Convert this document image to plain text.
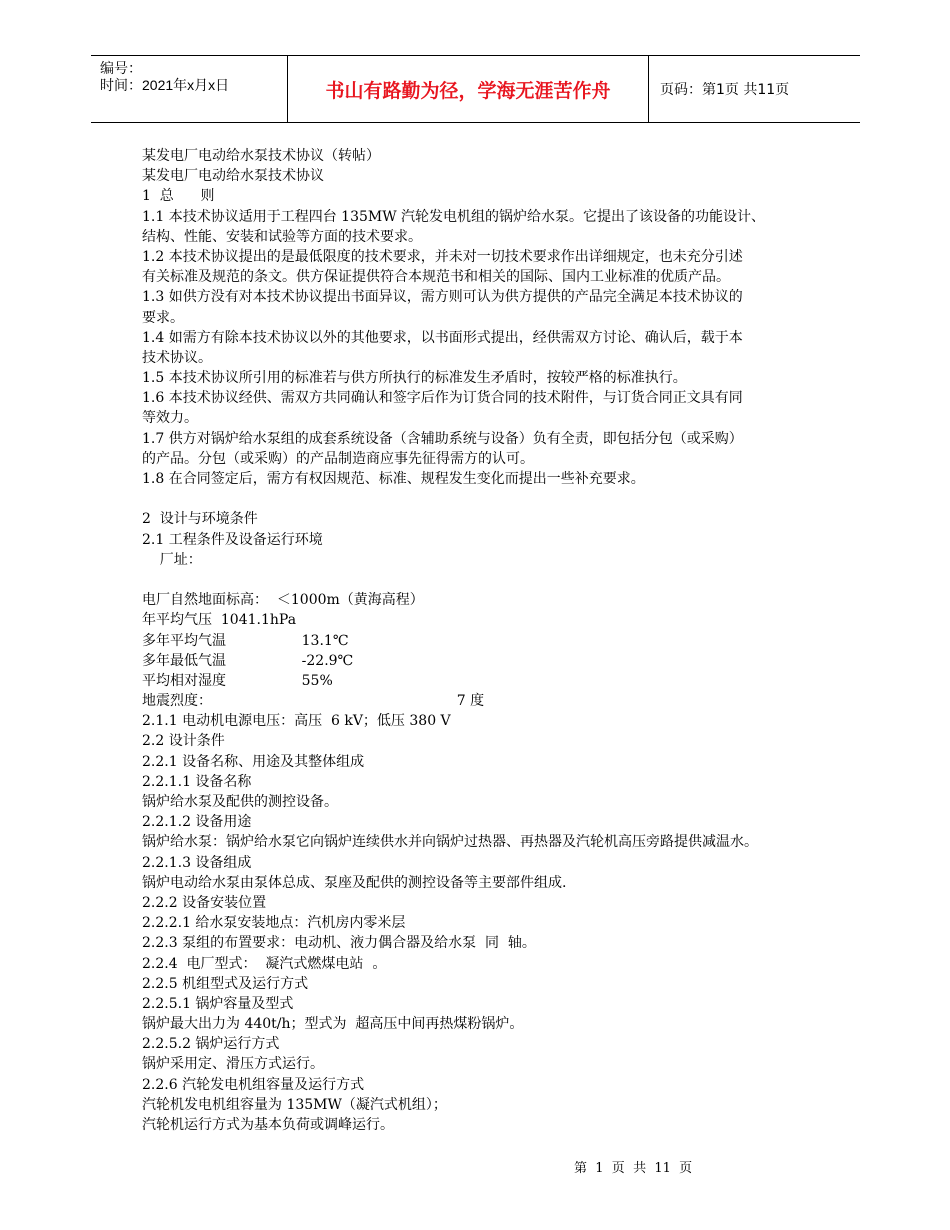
编号：
时间：2021年x月x日	书山有路勤为径，学海无涯苦作舟	页码：第1页 共11页
某发电厂电动给水泵技术协议（转帖）
某发电厂电动给水泵技术协议
1  总      则
1.1 本技术协议适用于工程四台 135MW 汽轮发电机组的锅炉给水泵。它提出了该设备的功能设计、
结构、性能、安装和试验等方面的技术要求。
1.2 本技术协议提出的是最低限度的技术要求，并未对一切技术要求作出详细规定，也未充分引述
有关标准及规范的条文。供方保证提供符合本规范书和相关的国际、国内工业标准的优质产品。
1.3 如供方没有对本技术协议提出书面异议，需方则可认为供方提供的产品完全满足本技术协议的
要求。
1.4 如需方有除本技术协议以外的其他要求，以书面形式提出，经供需双方讨论、确认后，载于本
技术协议。
1.5 本技术协议所引用的标准若与供方所执行的标准发生矛盾时，按较严格的标准执行。
1.6 本技术协议经供、需双方共同确认和签字后作为订货合同的技术附件，与订货合同正文具有同
等效力。
1.7 供方对锅炉给水泵组的成套系统设备（含辅助系统与设备）负有全责，即包括分包（或采购）
的产品。分包（或采购）的产品制造商应事先征得需方的认可。
1.8 在合同签定后，需方有权因规范、标准、规程发生变化而提出一些补充要求。
2  设计与环境条件
2.1 工程条件及设备运行环境
厂址：
电厂自然地面标高：  ＜1000m（黄海高程）
年平均气压  1041.1hPa
多年平均气温                 13.1℃
多年最低气温                 -22.9℃
平均相对湿度                 55%
地震烈度：                                                       7 度
2.1.1 电动机电源电压：高压  6 kV；低压 380 V
2.2 设计条件
2.2.1 设备名称、用途及其整体组成
2.2.1.1 设备名称
锅炉给水泵及配供的测控设备。
2.2.1.2 设备用途
锅炉给水泵：锅炉给水泵它向锅炉连续供水并向锅炉过热器、再热器及汽轮机高压旁路提供减温水。
2.2.1.3 设备组成
锅炉电动给水泵由泵体总成、泵座及配供的测控设备等主要部件组成.
2.2.2 设备安装位置
2.2.2.1 给水泵安装地点：汽机房内零米层
2.2.3 泵组的布置要求：电动机、液力偶合器及给水泵  同  轴。
2.2.4  电厂型式：  凝汽式燃煤电站  。
2.2.5 机组型式及运行方式
2.2.5.1 锅炉容量及型式
锅炉最大出力为 440t/h；型式为  超高压中间再热煤粉锅炉。
2.2.5.2 锅炉运行方式
锅炉采用定、滑压方式运行。
2.2.6 汽轮发电机组容量及运行方式
汽轮机发电机组容量为 135MW（凝汽式机组）；
汽轮机运行方式为基本负荷或调峰运行。
第  1  页  共  11  页
